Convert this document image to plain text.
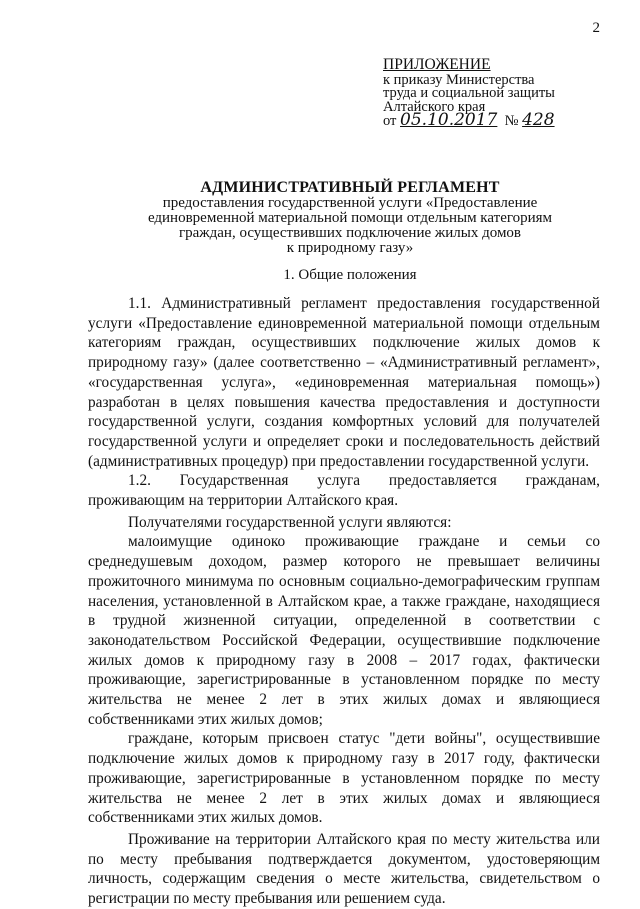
2
ПРИЛОЖЕНИЕ
к приказу Министерства
труда и социальной защиты
Алтайского края
от 05.10.2017 № 428
АДМИНИСТРАТИВНЫЙ РЕГЛАМЕНТ
предоставления государственной услуги «Предоставление
единовременной материальной помощи отдельным категориям
граждан, осуществивших подключение жилых домов
к природному газу»
1. Общие положения

1.1. Административный регламент предоставления государственной услуги «Предоставление единовременной материальной помощи отдельным категориям граждан, осуществивших подключение жилых домов к природному газу» (далее соответственно – «Административный регламент», «государственная услуга», «единовременная материальная помощь») разработан в целях повышения качества предоставления и доступности государственной услуги, создания комфортных условий для получателей государственной услуги и определяет сроки и последовательность действий (административных процедур) при предоставлении государственной услуги.

1.2. Государственная услуга предоставляется гражданам, проживающим на территории Алтайского края.

Получателями государственной услуги являются:

малоимущие одиноко проживающие граждане и семьи со среднедушевым доходом, размер которого не превышает величины прожиточного минимума по основным социально-демографическим группам населения, установленной в Алтайском крае, а также граждане, находящиеся в трудной жизненной ситуации, определенной в соответствии с законодательством Российской Федерации, осуществившие подключение жилых домов к природному газу в 2008 – 2017 годах, фактически проживающие, зарегистрированные в установленном порядке по месту жительства не менее 2 лет в этих жилых домах и являющиеся собственниками этих жилых домов;

граждане, которым присвоен статус "дети войны", осуществившие подключение жилых домов к природному газу в 2017 году, фактически проживающие, зарегистрированные в установленном порядке по месту жительства не менее 2 лет в этих жилых домах и являющиеся собственниками этих жилых домов.

Проживание на территории Алтайского края по месту жительства или по месту пребывания подтверждается документом, удостоверяющим личность, содержащим сведения о месте жительства, свидетельством о регистрации по месту пребывания или решением суда.
